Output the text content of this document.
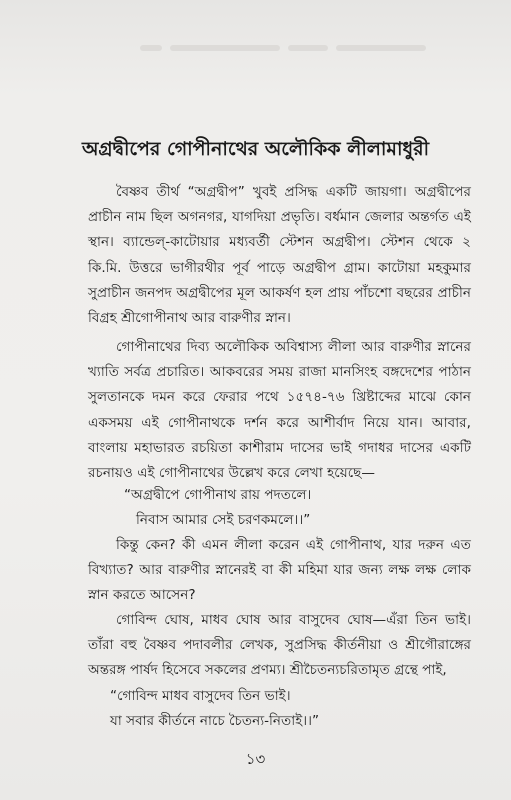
অগ্রদ্বীপের গোপীনাথের অলৌকিক লীলামাধুরী

বৈষ্ণব তীর্থ “অগ্রদ্বীপ” খুবই প্রসিদ্ধ একটি জায়গা। অগ্রদ্বীপের প্রাচীন নাম ছিল অগনগর, যাগদিয়া প্রভৃতি। বর্ধমান জেলার অন্তর্গত এই স্থান। ব্যান্ডেল্-কাটোয়ার মধ্যবর্তী স্টেশন অগ্রদ্বীপ। স্টেশন থেকে ২ কি.মি. উত্তরে ভাগীরথীর পূর্ব পাড়ে অগ্রদ্বীপ গ্রাম। কাটোয়া মহকুমার সুপ্রাচীন জনপদ অগ্রদ্বীপের মূল আকর্ষণ হল প্রায় পাঁচশো বছরের প্রাচীন বিগ্রহ শ্রীগোপীনাথ আর বারুণীর স্নান।

গোপীনাথের দিব্য অলৌকিক অবিশ্বাস্য লীলা আর বারুণীর স্নানের খ্যাতি সর্বত্র প্রচারিত। আকবরের সময় রাজা মানসিংহ বঙ্গদেশের পাঠান সুলতানকে দমন করে ফেরার পথে ১৫৭৪-৭৬ খ্রিষ্টাব্দের মাঝে কোন একসময় এই গোপীনাথকে দর্শন করে আশীর্বাদ নিয়ে যান। আবার, বাংলায় মহাভারত রচয়িতা কাশীরাম দাসের ভাই গদাধর দাসের একটি রচনায়ও এই গোপীনাথের উল্লেখ করে লেখা হয়েছে—

“অগ্রদ্বীপে গোপীনাথ রায় পদতলে।
নিবাস আমার সেই চরণকমলে।।”

কিন্তু কেন? কী এমন লীলা করেন এই গোপীনাথ, যার দরুন এত বিখ্যাত? আর বারুণীর স্নানেরই বা কী মহিমা যার জন্য লক্ষ লক্ষ লোক স্নান করতে আসেন?

গোবিন্দ ঘোষ, মাধব ঘোষ আর বাসুদেব ঘোষ—এঁরা তিন ভাই। তাঁরা বহু বৈষ্ণব পদাবলীর লেখক, সুপ্রসিদ্ধ কীর্তনীয়া ও শ্রীগৌরাঙ্গের অন্তরঙ্গ পার্ষদ হিসেবে সকলের প্রণম্য। শ্রীচৈতন্যচরিতামৃত গ্রন্থে পাই,

“গোবিন্দ মাধব বাসুদেব তিন ভাই।
যা সবার কীর্তনে নাচে চৈতন্য-নিতাই।।”
১৩
